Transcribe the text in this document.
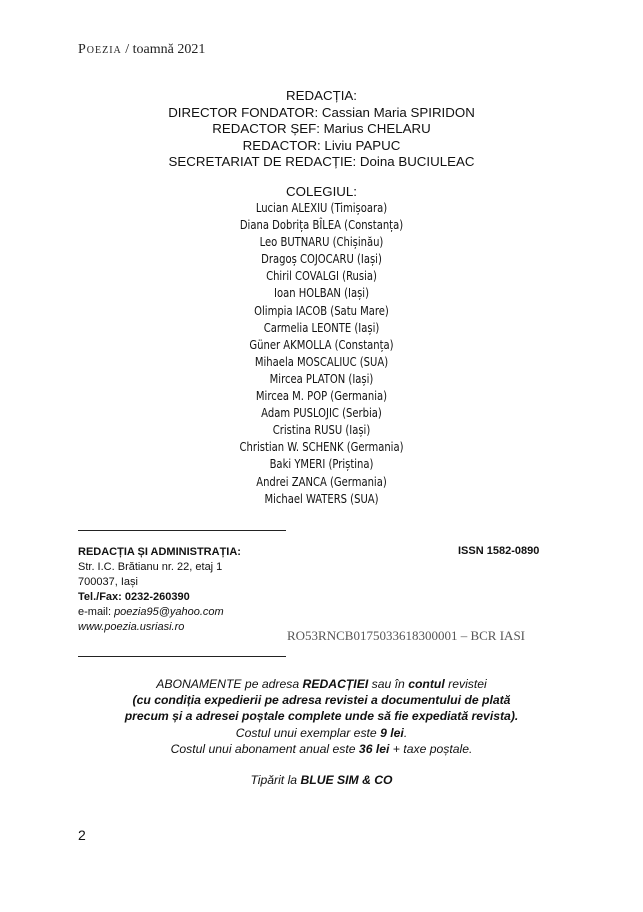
Poezia / toamnă 2021
REDACȚIA:
DIRECTOR FONDATOR: Cassian Maria SPIRIDON
REDACTOR ȘEF: Marius CHELARU
REDACTOR: Liviu PAPUC
SECRETARIAT DE REDACȚIE: Doina BUCIULEAC
COLEGIUL:
Lucian ALEXIU (Timișoara)
Diana Dobrița BÎLEA (Constanța)
Leo BUTNARU (Chișinău)
Dragoș COJOCARU (Iași)
Chiril COVALGI (Rusia)
Ioan HOLBAN (Iași)
Olimpia IACOB (Satu Mare)
Carmelia LEONTE (Iași)
Güner AKMOLLA (Constanța)
Mihaela MOSCALIUC (SUA)
Mircea PLATON (Iași)
Mircea M. POP (Germania)
Adam PUSLOJIC (Serbia)
Cristina RUSU (Iași)
Christian W. SCHENK (Germania)
Baki YMERI (Priștina)
Andrei ZANCA (Germania)
Michael WATERS (SUA)
REDACȚIA ȘI ADMINISTRAȚIA:
Str. I.C. Brătianu nr. 22, etaj 1
700037, Iași
Tel./Fax: 0232-260390
e-mail: poezia95@yahoo.com
www.poezia.usriasi.ro
ISSN 1582-0890
RO53RNCB0175033618300001 – BCR IASI
ABONAMENTE pe adresa REDACȚIEI sau în contul revistei
(cu condiția expedierii pe adresa revistei a documentului de plată
precum și a adresei poștale complete unde să fie expediată revista).
Costul unui exemplar este 9 lei.
Costul unui abonament anual este 36 lei + taxe poștale.
Tipărit la BLUE SIM & CO
2
